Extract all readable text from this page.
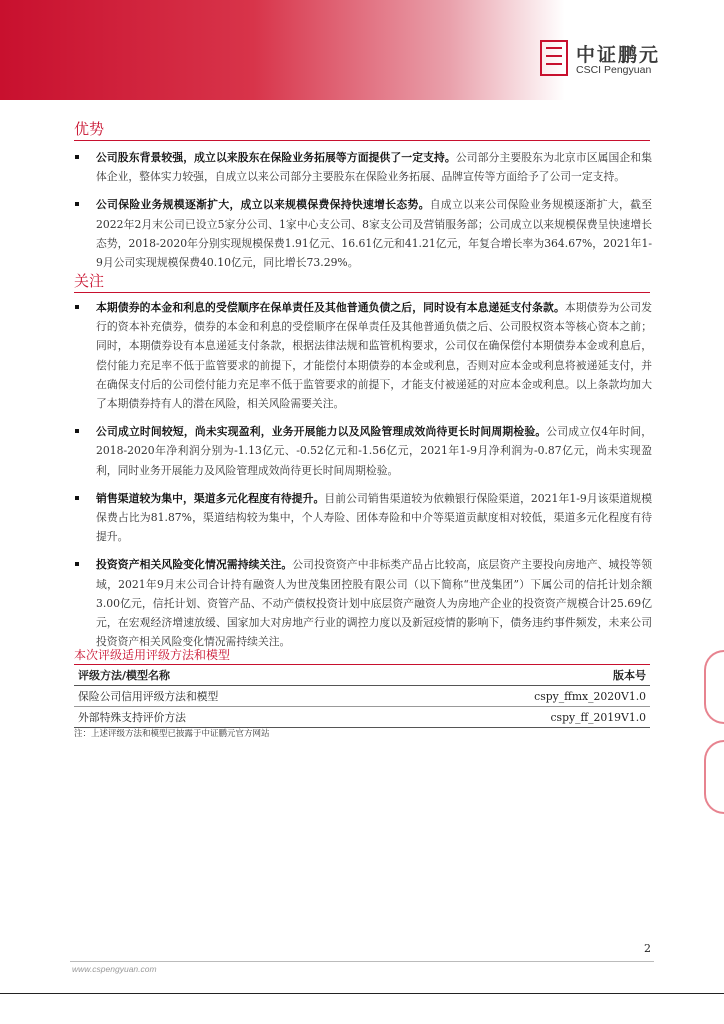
中证鹏元
CSCI Pengyuan
优势
公司股东背景较强，成立以来股东在保险业务拓展等方面提供了一定支持。公司部分主要股东为北京市区属国企和集体企业，整体实力较强，自成立以来公司部分主要股东在保险业务拓展、品牌宣传等方面给予了公司一定支持。
公司保险业务规模逐渐扩大，成立以来规模保费保持快速增长态势。自成立以来公司保险业务规模逐渐扩大，截至2022年2月末公司已设立5家分公司、1家中心支公司、8家支公司及营销服务部；公司成立以来规模保费呈快速增长态势，2018-2020年分别实现规模保费1.91亿元、16.61亿元和41.21亿元，年复合增长率为364.67%，2021年1-9月公司实现规模保费40.10亿元，同比增长73.29%。
关注
本期债券的本金和利息的受偿顺序在保单责任及其他普通负债之后，同时设有本息递延支付条款。本期债券为公司发行的资本补充债券，债券的本金和利息的受偿顺序在保单责任及其他普通负债之后、公司股权资本等核心资本之前；同时，本期债券设有本息递延支付条款，根据法律法规和监管机构要求，公司仅在确保偿付本期债券本金或利息后，偿付能力充足率不低于监管要求的前提下，才能偿付本期债券的本金或利息，否则对应本金或利息将被递延支付，并在确保支付后的公司偿付能力充足率不低于监管要求的前提下，才能支付被递延的对应本金或利息。以上条款均加大了本期债券持有人的潜在风险，相关风险需要关注。
公司成立时间较短，尚未实现盈利，业务开展能力以及风险管理成效尚待更长时间周期检验。公司成立仅4年时间，2018-2020年净利润分别为-1.13亿元、-0.52亿元和-1.56亿元，2021年1-9月净利润为-0.87亿元，尚未实现盈利，同时业务开展能力及风险管理成效尚待更长时间周期检验。
销售渠道较为集中，渠道多元化程度有待提升。目前公司销售渠道较为依赖银行保险渠道，2021年1-9月该渠道规模保费占比为81.87%，渠道结构较为集中，个人寿险、团体寿险和中介等渠道贡献度相对较低，渠道多元化程度有待提升。
投资资产相关风险变化情况需持续关注。公司投资资产中非标类产品占比较高，底层资产主要投向房地产、城投等领域，2021年9月末公司合计持有融资人为世茂集团控股有限公司（以下简称“世茂集团”）下属公司的信托计划余额3.00亿元，信托计划、资管产品、不动产债权投资计划中底层资产融资人为房地产企业的投资资产规模合计25.69亿元，在宏观经济增速放缓、国家加大对房地产行业的调控力度以及新冠疫情的影响下，债务违约事件频发，未来公司投资资产相关风险变化情况需持续关注。
本次评级适用评级方法和模型
评级方法/模型名称	版本号
保险公司信用评级方法和模型	cspy_ffmx_2020V1.0
外部特殊支持评价方法	cspy_ff_2019V1.0
注：上述评级方法和模型已披露于中证鹏元官方网站
2
www.cspengyuan.com
